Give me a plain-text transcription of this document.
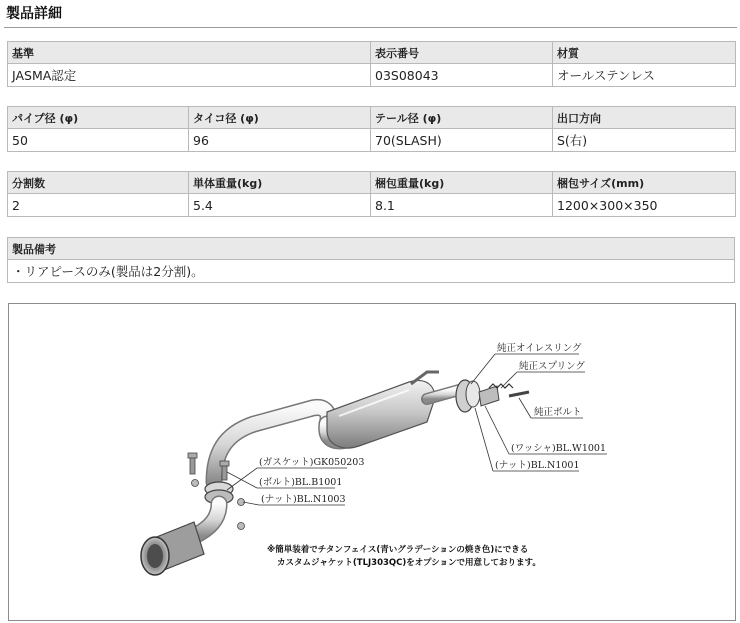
製品詳細
基準	表示番号	材質
JASMA認定	03S08043	オールステンレス
パイプ径 (φ)	タイコ径 (φ)	テール径 (φ)	出口方向
50	96	70(SLASH)	S(右)
分割数	単体重量(kg)	梱包重量(kg)	梱包サイズ(mm)
2	5.4	8.1	1200×300×350
製品備考
・リアピースのみ(製品は2分割)。
純正オイレスリング
純正スプリング
純正ボルト
(ワッシャ)BL.W1001
(ナット)BL.N1001
(ガスケット)GK050203
(ボルト)BL.B1001
(ナット)BL.N1003
※簡単装着でチタンフェイス(青いグラデーションの焼き色)にできる
カスタムジャケット(TLJ303QC)をオプションで用意しております。
